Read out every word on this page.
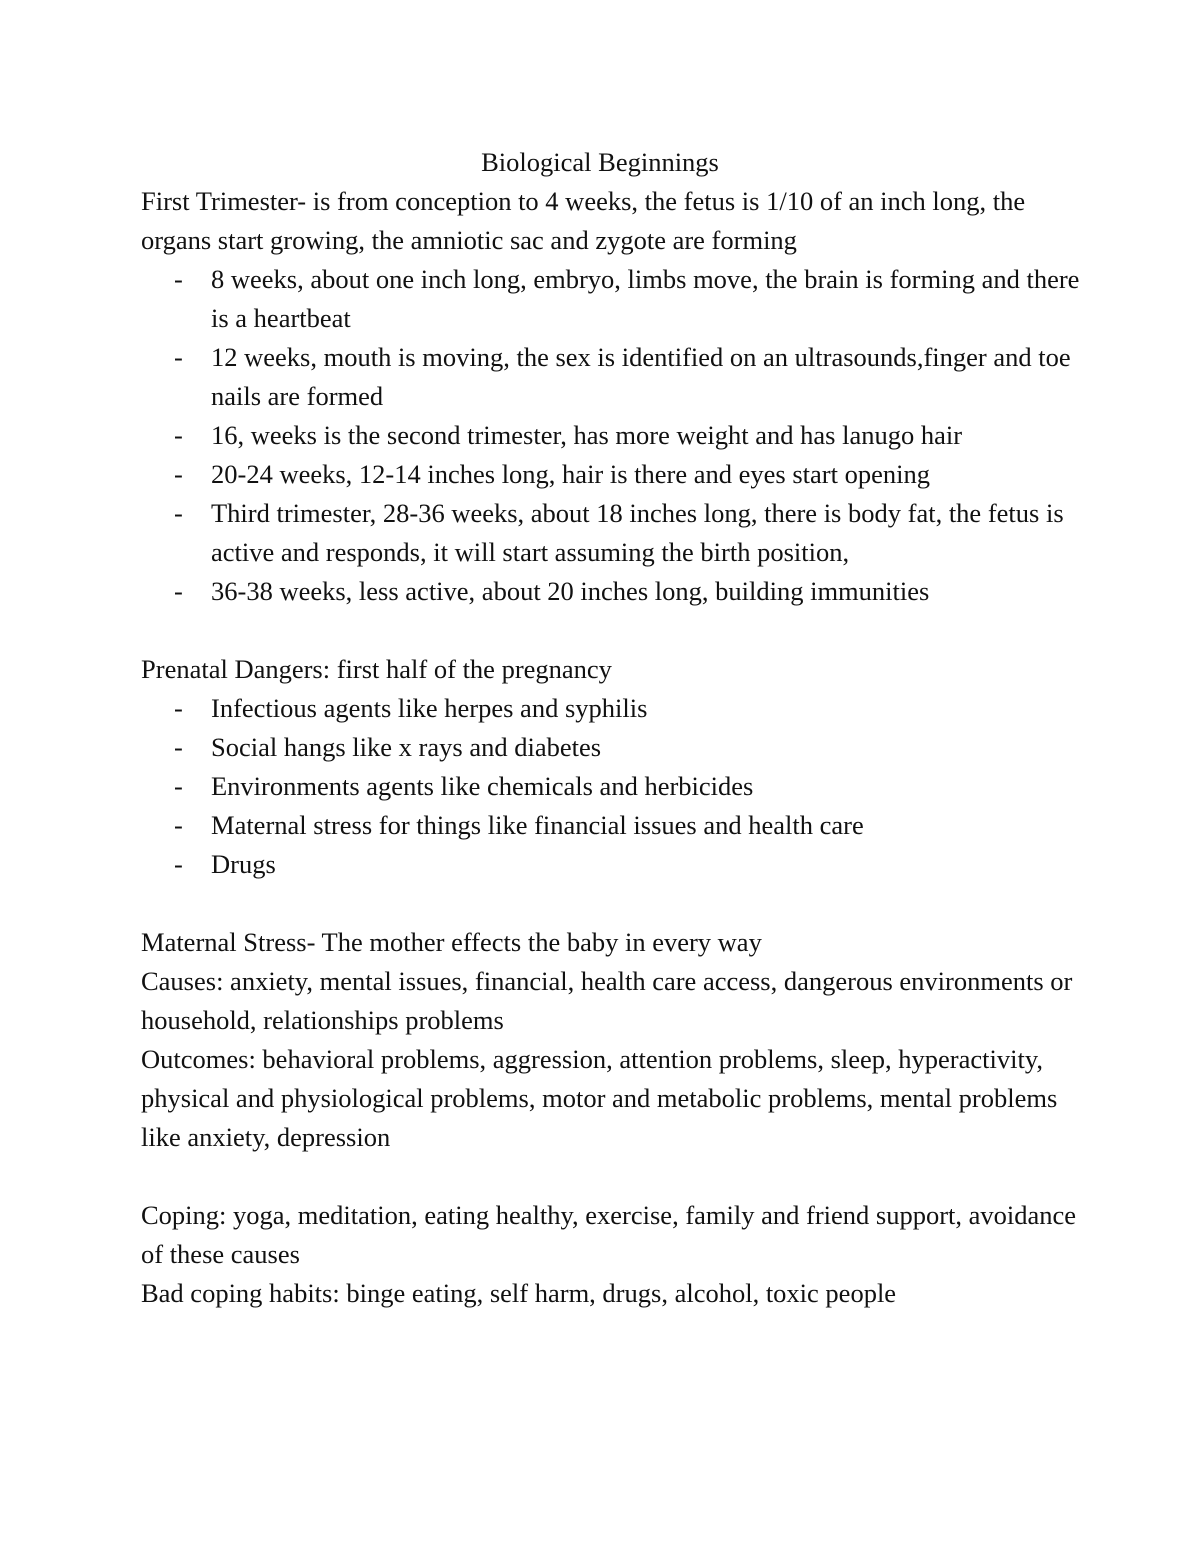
Biological Beginnings

First Trimester- is from conception to 4 weeks, the fetus is 1/10 of an inch long, the organs start growing, the amniotic sac and zygote are forming

- 8 weeks, about one inch long, embryo, limbs move, the brain is forming and there is a heartbeat
- 12 weeks, mouth is moving, the sex is identified on an ultrasounds,finger and toe nails are formed
- 16, weeks is the second trimester, has more weight and has lanugo hair
- 20-24 weeks, 12-14 inches long, hair is there and eyes start opening
- Third trimester, 28-36 weeks, about 18 inches long, there is body fat, the fetus is active and responds, it will start assuming the birth position,
- 36-38 weeks, less active, about 20 inches long, building immunities

Prenatal Dangers: first half of the pregnancy

- Infectious agents like herpes and syphilis
- Social hangs like x rays and diabetes
- Environments agents like chemicals and herbicides
- Maternal stress for things like financial issues and health care
- Drugs

Maternal Stress- The mother effects the baby in every way

Causes: anxiety, mental issues, financial, health care access, dangerous environments or household, relationships problems

Outcomes: behavioral problems, aggression, attention problems, sleep, hyperactivity, physical and physiological problems, motor and metabolic problems, mental problems like anxiety, depression

Coping: yoga, meditation, eating healthy, exercise, family and friend support, avoidance of these causes

Bad coping habits: binge eating, self harm, drugs, alcohol, toxic people
